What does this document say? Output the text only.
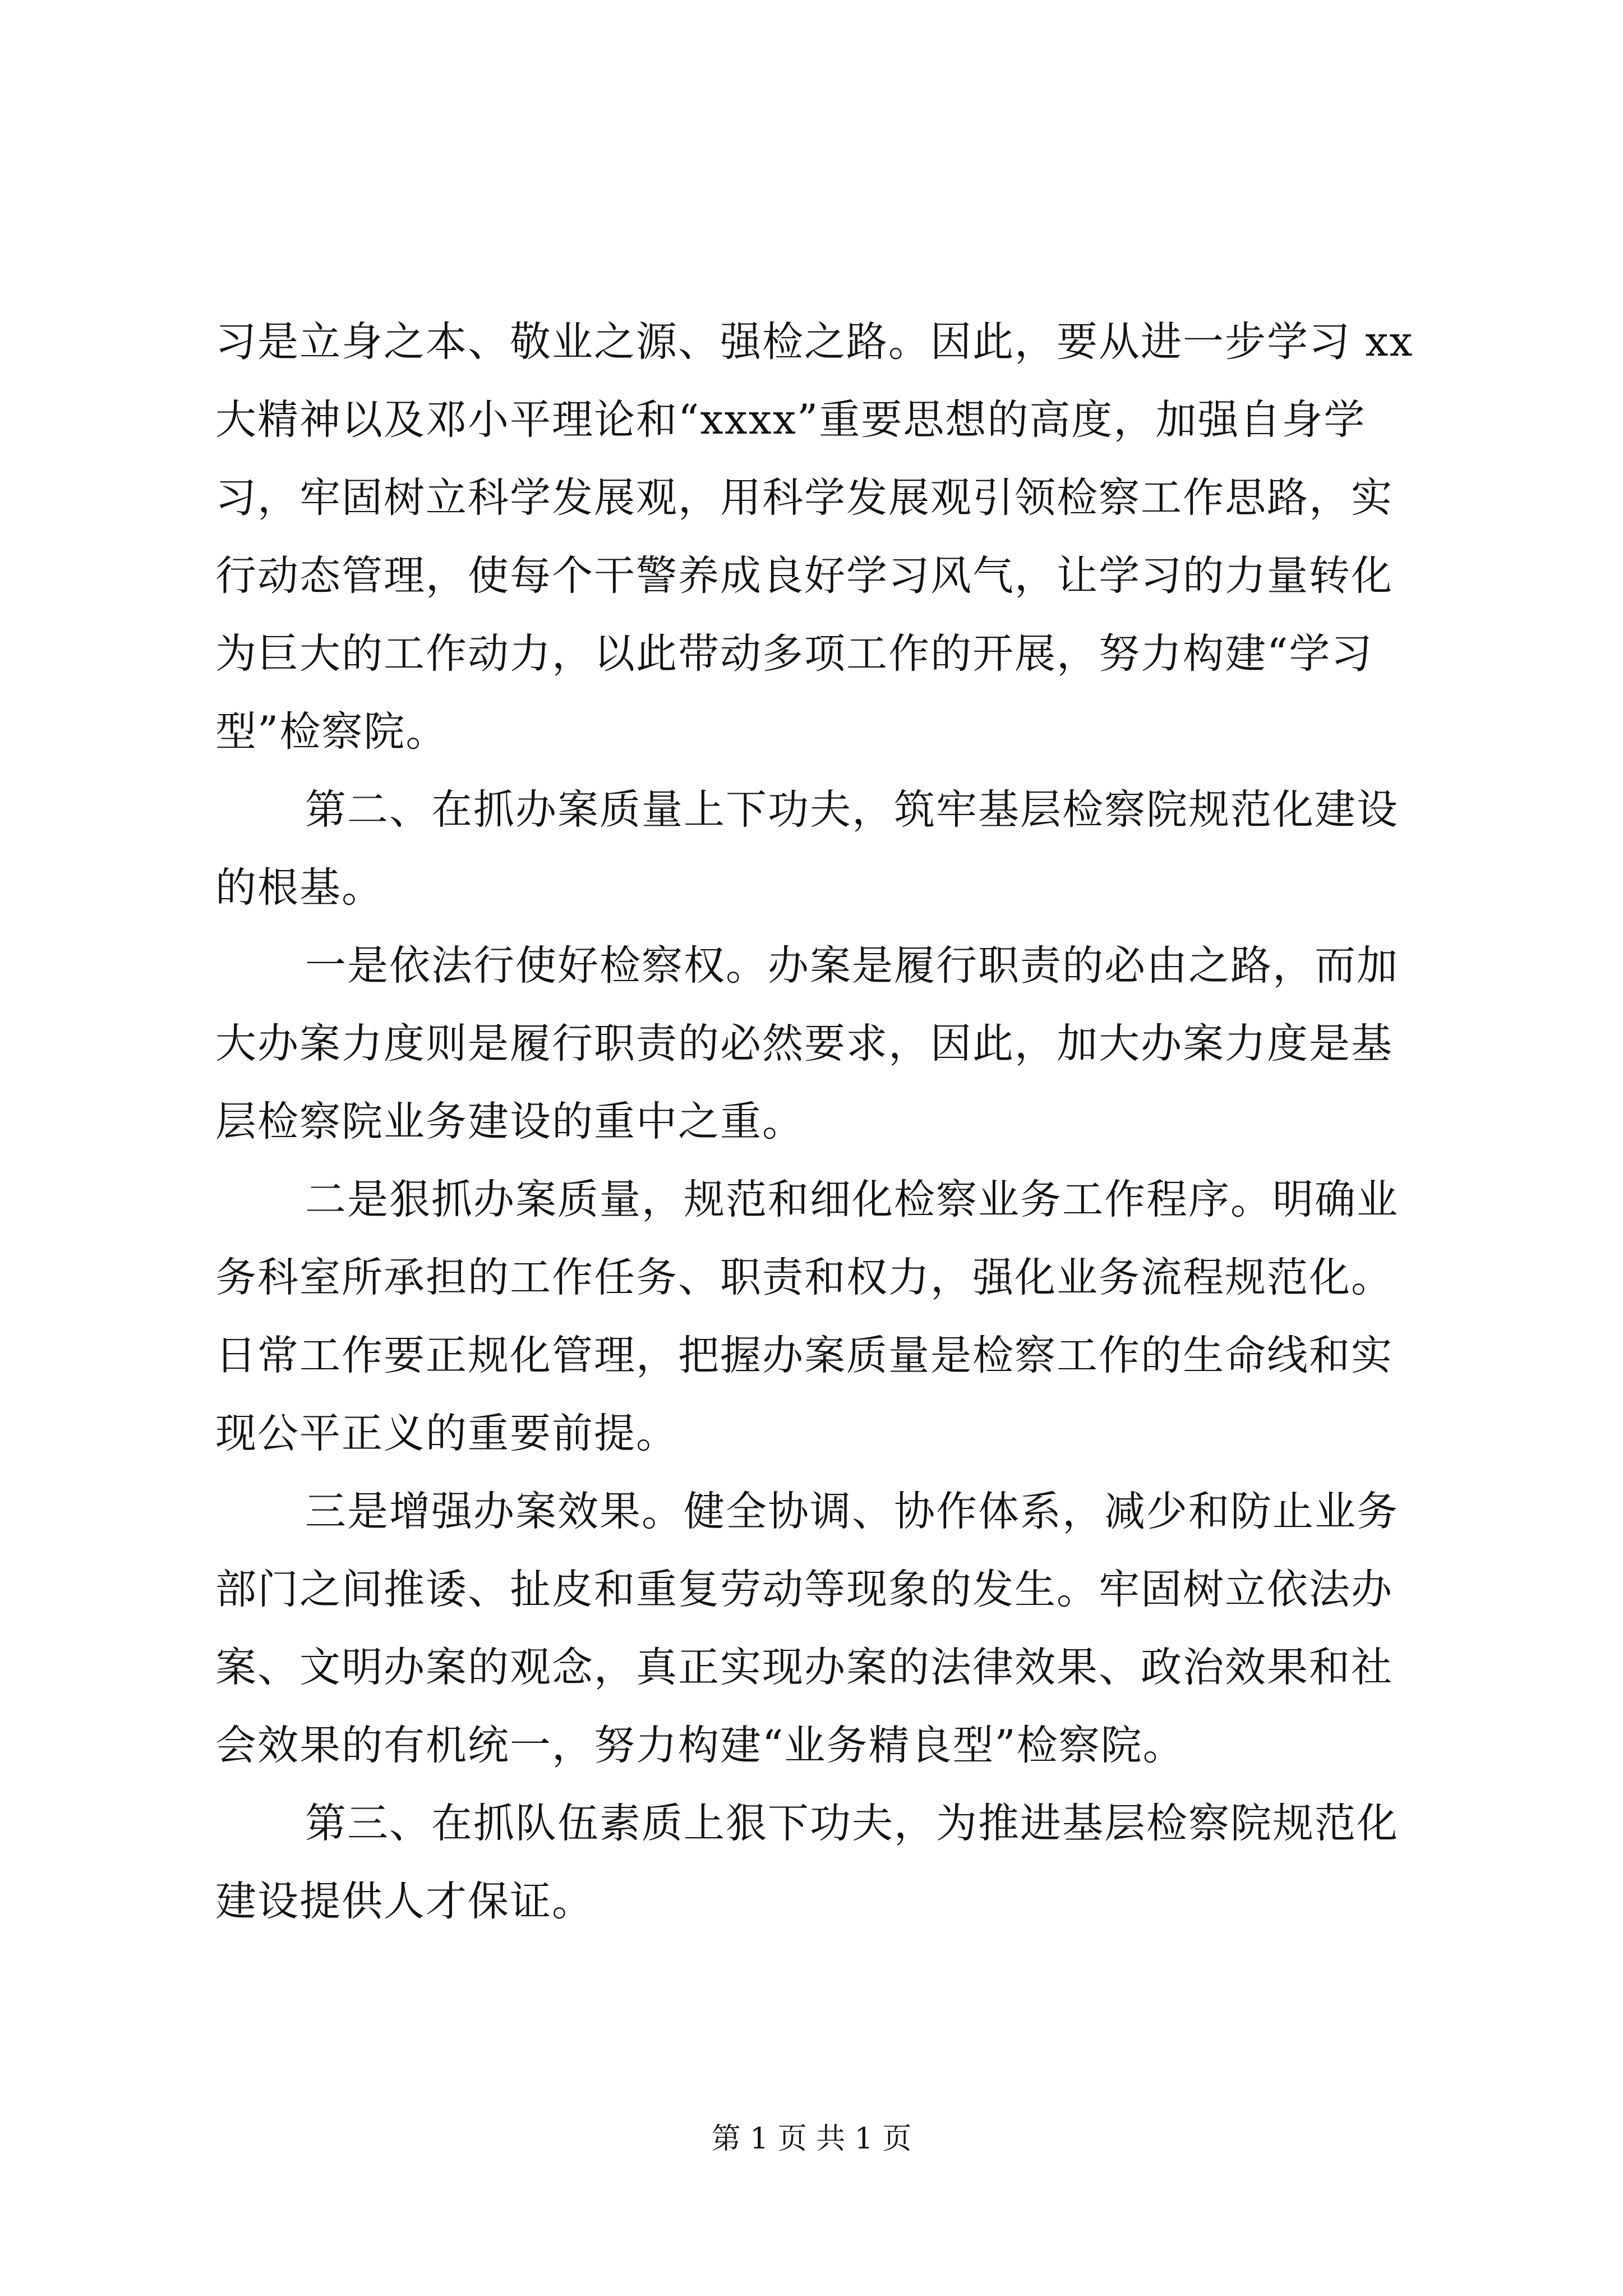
习是立身之本、敬业之源、强检之路。因此，要从进一步学习 xx
大精神以及邓小平理论和“xxxx”重要思想的高度，加强自身学
习，牢固树立科学发展观，用科学发展观引领检察工作思路，实
行动态管理，使每个干警养成良好学习风气，让学习的力量转化
为巨大的工作动力，以此带动多项工作的开展，努力构建“学习
型”检察院。
第二、在抓办案质量上下功夫，筑牢基层检察院规范化建设
的根基。
一是依法行使好检察权。办案是履行职责的必由之路，而加
大办案力度则是履行职责的必然要求，因此，加大办案力度是基
层检察院业务建设的重中之重。
二是狠抓办案质量，规范和细化检察业务工作程序。明确业
务科室所承担的工作任务、职责和权力，强化业务流程规范化。
日常工作要正规化管理，把握办案质量是检察工作的生命线和实
现公平正义的重要前提。
三是增强办案效果。健全协调、协作体系，减少和防止业务
部门之间推诿、扯皮和重复劳动等现象的发生。牢固树立依法办
案、文明办案的观念，真正实现办案的法律效果、政治效果和社
会效果的有机统一，努力构建“业务精良型”检察院。
第三、在抓队伍素质上狠下功夫，为推进基层检察院规范化
建设提供人才保证。
第 1 页 共 1 页
